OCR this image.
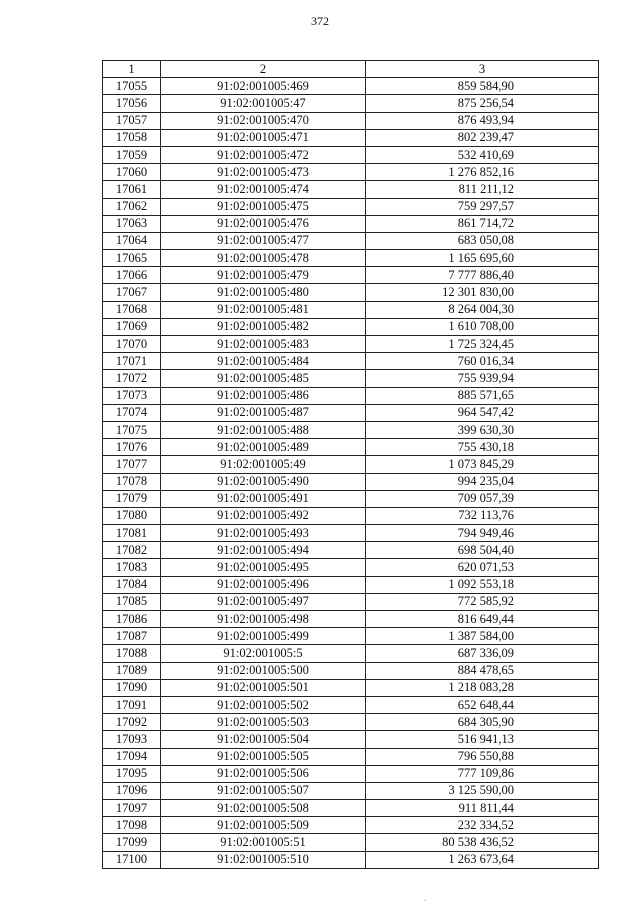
372
1	2	3
17055	91:02:001005:469	859 584,90
17056	91:02:001005:47	875 256,54
17057	91:02:001005:470	876 493,94
17058	91:02:001005:471	802 239,47
17059	91:02:001005:472	532 410,69
17060	91:02:001005:473	1 276 852,16
17061	91:02:001005:474	811 211,12
17062	91:02:001005:475	759 297,57
17063	91:02:001005:476	861 714,72
17064	91:02:001005:477	683 050,08
17065	91:02:001005:478	1 165 695,60
17066	91:02:001005:479	7 777 886,40
17067	91:02:001005:480	12 301 830,00
17068	91:02:001005:481	8 264 004,30
17069	91:02:001005:482	1 610 708,00
17070	91:02:001005:483	1 725 324,45
17071	91:02:001005:484	760 016,34
17072	91:02:001005:485	755 939,94
17073	91:02:001005:486	885 571,65
17074	91:02:001005:487	964 547,42
17075	91:02:001005:488	399 630,30
17076	91:02:001005:489	755 430,18
17077	91:02:001005:49	1 073 845,29
17078	91:02:001005:490	994 235,04
17079	91:02:001005:491	709 057,39
17080	91:02:001005:492	732 113,76
17081	91:02:001005:493	794 949,46
17082	91:02:001005:494	698 504,40
17083	91:02:001005:495	620 071,53
17084	91:02:001005:496	1 092 553,18
17085	91:02:001005:497	772 585,92
17086	91:02:001005:498	816 649,44
17087	91:02:001005:499	1 387 584,00
17088	91:02:001005:5	687 336,09
17089	91:02:001005:500	884 478,65
17090	91:02:001005:501	1 218 083,28
17091	91:02:001005:502	652 648,44
17092	91:02:001005:503	684 305,90
17093	91:02:001005:504	516 941,13
17094	91:02:001005:505	796 550,88
17095	91:02:001005:506	777 109,86
17096	91:02:001005:507	3 125 590,00
17097	91:02:001005:508	911 811,44
17098	91:02:001005:509	232 334,52
17099	91:02:001005:51	80 538 436,52
17100	91:02:001005:510	1 263 673,64
.
